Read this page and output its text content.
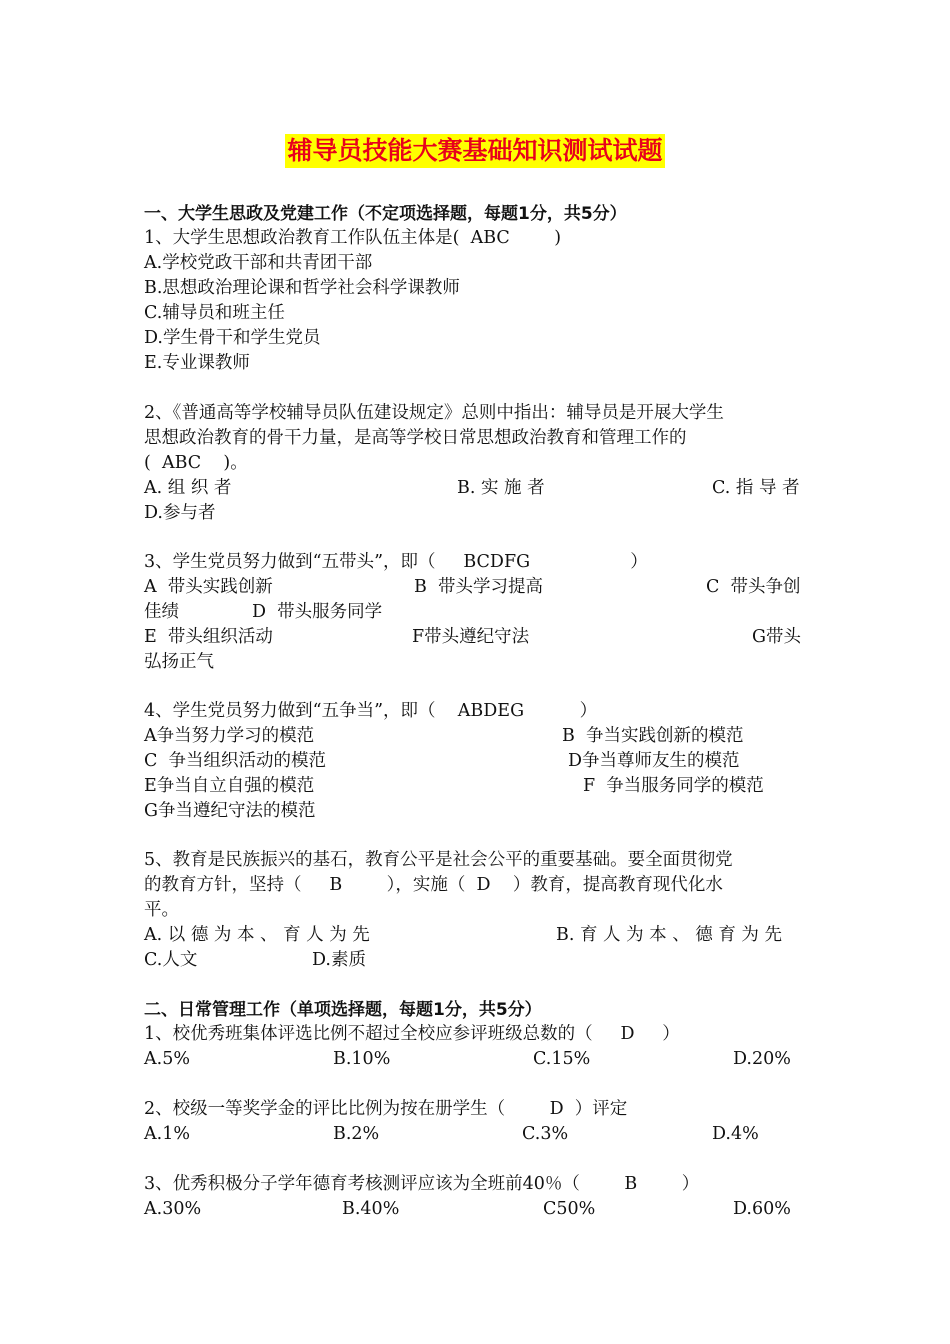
辅导员技能大赛基础知识测试试题
一、大学生思政及党建工作（不定项选择题，每题1分，共5分）
1、大学生思想政治教育工作队伍主体是(  ABC        )
A.学校党政干部和共青团干部
B.思想政治理论课和哲学社会科学课教师
C.辅导员和班主任
D.学生骨干和学生党员
E.专业课教师
2、《普通高等学校辅导员队伍建设规定》总则中指出：辅导员是开展大学生
思想政治教育的骨干力量，是高等学校日常思想政治教育和管理工作的
(  ABC    )。
A. 组 织 者	B. 实 施 者	C. 指 导 者
D.参与者
3、学生党员努力做到“五带头”，即（     BCDFG                  ）
A  带头实践创新	B  带头学习提高	C  带头争创
佳绩	D  带头服务同学
E  带头组织活动	F带头遵纪守法	G带头
弘扬正气
4、学生党员努力做到“五争当”，即（    ABDEG          ）
A争当努力学习的模范	B  争当实践创新的模范
C  争当组织活动的模范	D争当尊师友生的模范
E争当自立自强的模范	F  争当服务同学的模范
G争当遵纪守法的模范
5、教育是民族振兴的基石，教育公平是社会公平的重要基础。要全面贯彻党
的教育方针，坚持（     B        ），实施（  D    ）教育，提高教育现代化水
平。
A. 以 德 为 本 、 育 人 为 先	B. 育 人 为 本 、 德 育 为 先
C.人文	D.素质
二、日常管理工作（单项选择题，每题1分，共5分）
1、校优秀班集体评选比例不超过全校应参评班级总数的（     D     ）
A.5%	B.10%	C.15%	D.20%
2、校级一等奖学金的评比比例为按在册学生（        D  ）评定
A.1%	B.2%	C.3%	D.4%
3、优秀积极分子学年德育考核测评应该为全班前40％（        B        ）
A.30%	B.40%	C50%	D.60%
